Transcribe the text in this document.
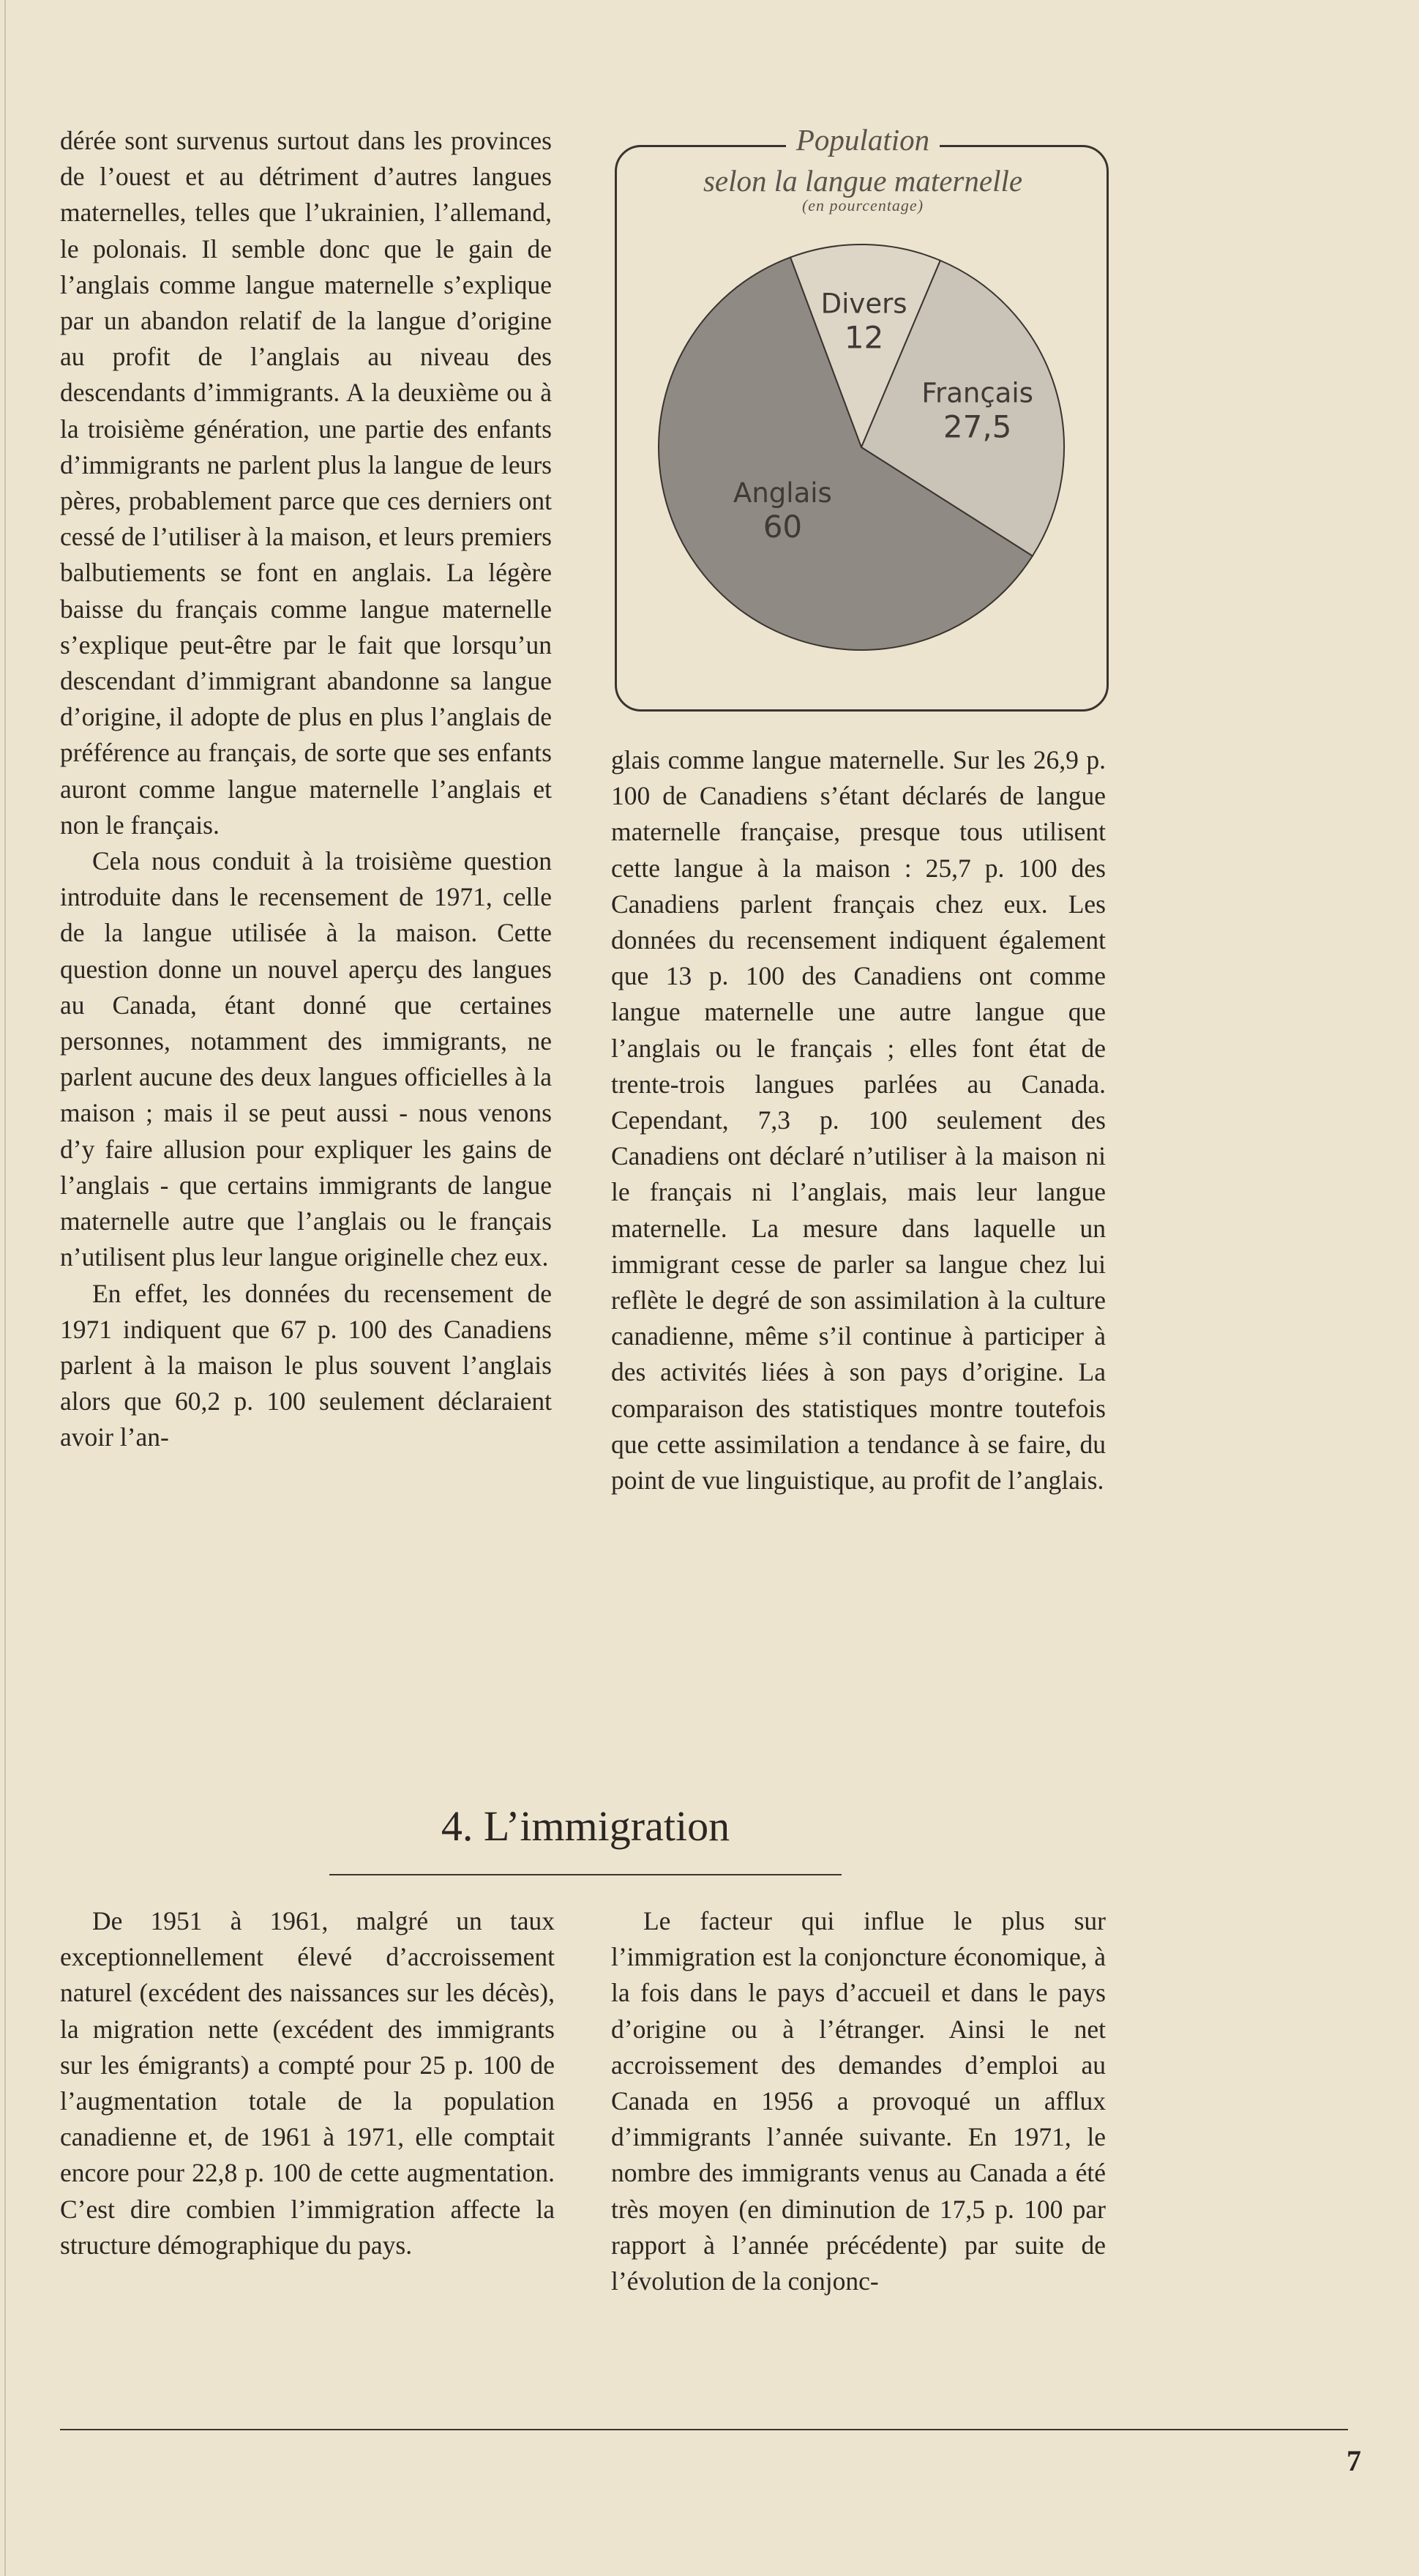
dérée sont survenus surtout dans les provinces de l’ouest et au détriment d’autres langues maternelles, telles que l’ukrainien, l’allemand, le polonais. Il semble donc que le gain de l’anglais comme langue maternelle s’explique par un abandon relatif de la langue d’origine au profit de l’anglais au niveau des descendants d’immigrants. A la deuxième ou à la troisième génération, une partie des enfants d’immigrants ne parlent plus la langue de leurs pères, probablement parce que ces derniers ont cessé de l’utiliser à la maison, et leurs premiers balbutiements se font en anglais. La légère baisse du français comme langue maternelle s’explique peut-être par le fait que lorsqu’un descendant d’immigrant abandonne sa langue d’origine, il adopte de plus en plus l’anglais de préférence au français, de sorte que ses enfants auront comme langue maternelle l’anglais et non le français.

Cela nous conduit à la troisième question introduite dans le recensement de 1971, celle de la langue utilisée à la maison. Cette question donne un nouvel aperçu des langues au Canada, étant donné que certaines personnes, notamment des immigrants, ne parlent aucune des deux langues officielles à la maison ; mais il se peut aussi - nous venons d’y faire allusion pour expliquer les gains de l’anglais - que certains immigrants de langue maternelle autre que l’anglais ou le français n’utilisent plus leur langue originelle chez eux.

En effet, les données du recensement de 1971 indiquent que 67 p. 100 des Canadiens parlent à la maison le plus souvent l’anglais alors que 60,2 p. 100 seulement déclaraient avoir l’an-

Population
selon la langue maternelle
(en pourcentage)
Divers
12
Français
27,5
Anglais
60

glais comme langue maternelle. Sur les 26,9 p. 100 de Canadiens s’étant déclarés de langue maternelle française, presque tous utilisent cette langue à la maison : 25,7 p. 100 des Canadiens parlent français chez eux. Les données du recensement indiquent également que 13 p. 100 des Canadiens ont comme langue maternelle une autre langue que l’anglais ou le français ; elles font état de trente-trois langues parlées au Canada. Cependant, 7,3 p. 100 seulement des Canadiens ont déclaré n’utiliser à la maison ni le français ni l’anglais, mais leur langue maternelle. La mesure dans laquelle un immigrant cesse de parler sa langue chez lui reflète le degré de son assimilation à la culture canadienne, même s’il continue à participer à des activités liées à son pays d’origine. La comparaison des statistiques montre toutefois que cette assimilation a tendance à se faire, du point de vue linguistique, au profit de l’anglais.

4. L’immigration

De 1951 à 1961, malgré un taux exceptionnellement élevé d’accroissement naturel (excédent des naissances sur les décès), la migration nette (excédent des immigrants sur les émigrants) a compté pour 25 p. 100 de l’augmentation totale de la population canadienne et, de 1961 à 1971, elle comptait encore pour 22,8 p. 100 de cette augmentation. C’est dire combien l’immigration affecte la structure démographique du pays.

Le facteur qui influe le plus sur l’immigration est la conjoncture économique, à la fois dans le pays d’accueil et dans le pays d’origine ou à l’étranger. Ainsi le net accroissement des demandes d’emploi au Canada en 1956 a provoqué un afflux d’immigrants l’année suivante. En 1971, le nombre des immigrants venus au Canada a été très moyen (en diminution de 17,5 p. 100 par rapport à l’année précédente) par suite de l’évolution de la conjonc-

7
